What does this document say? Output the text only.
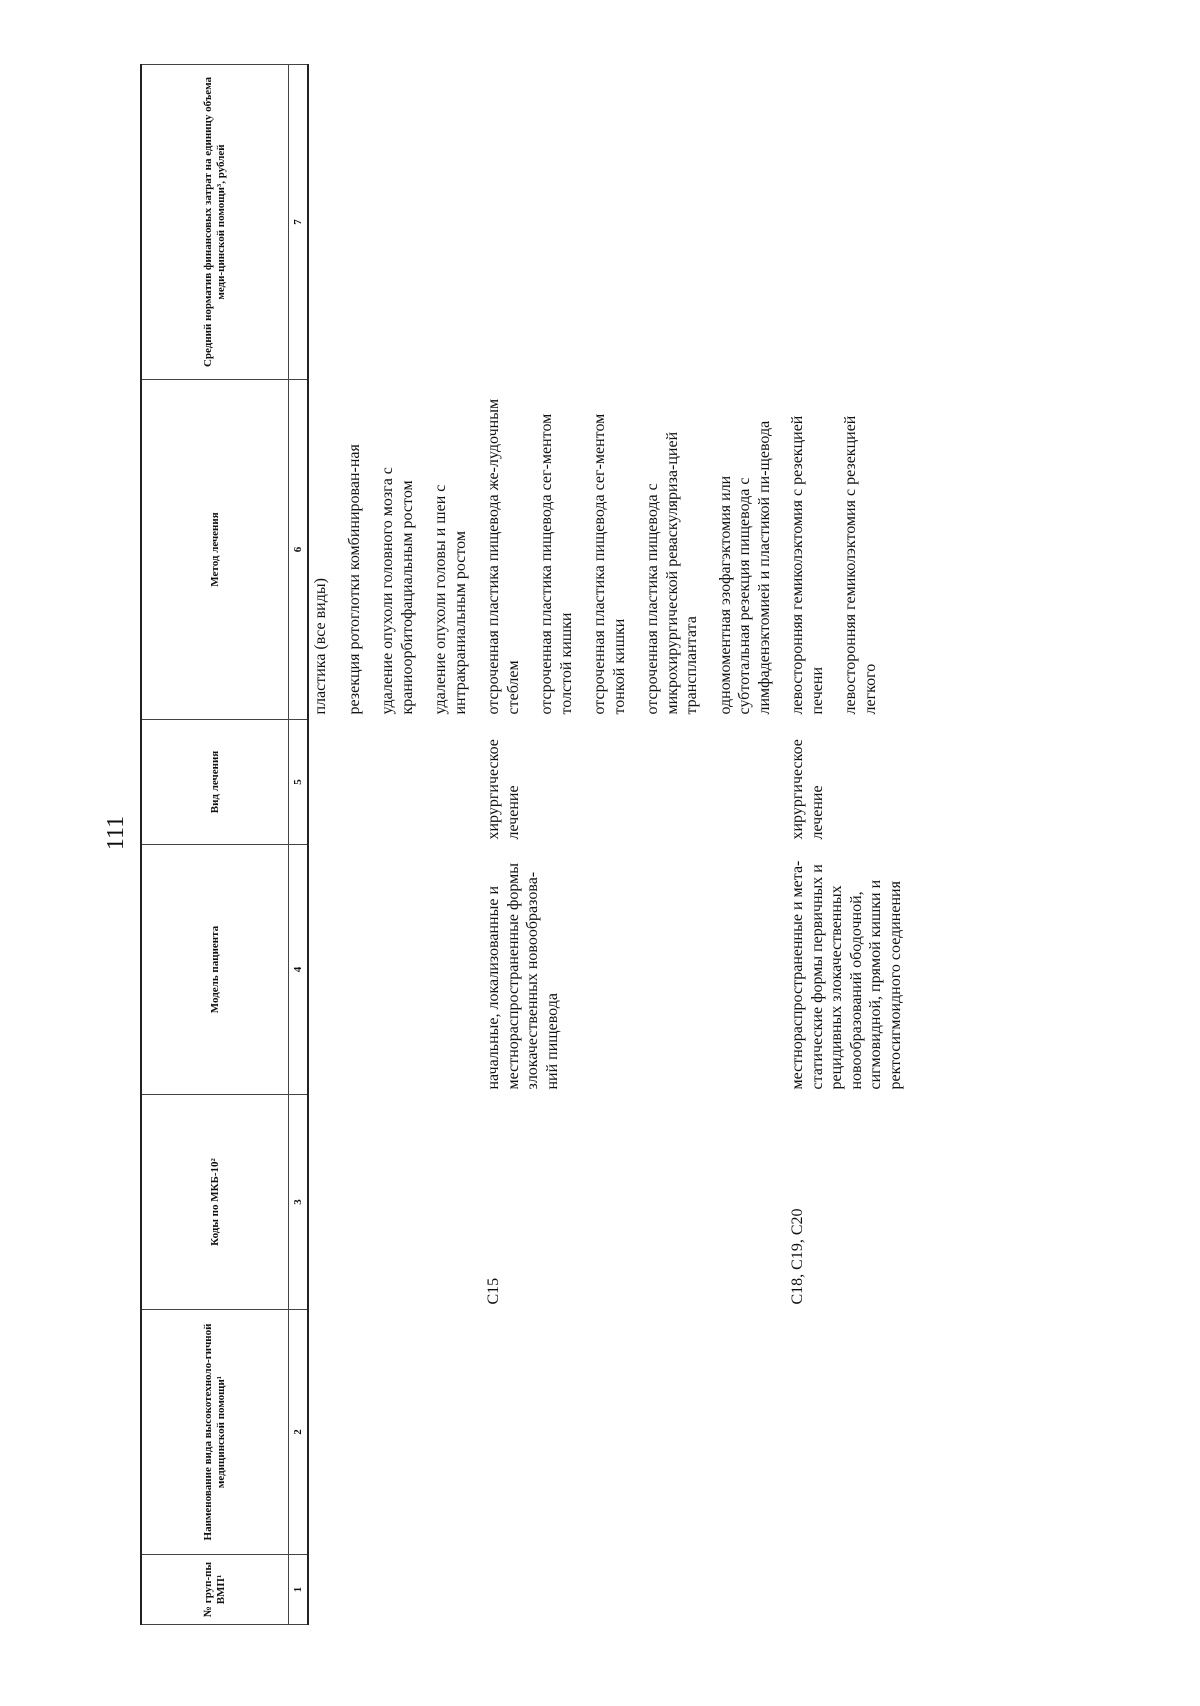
111
№ груп-пы ВМП¹	Наименование вида высокотехноло-гичной медицинской помощи¹	Коды по МКБ-10²	Модель пациента	Вид лечения	Метод лечения	Средний норматив финансовых затрат на единицу объема меди-цинской помощи³, рублей
1	2	3	4	5	6	7

					пластика (все виды) резекция ротоглотки комбинирован-ная удаление опухоли головного мозга с краниоорбитофациальным ростом удаление опухоли головы и шеи с интракраниальным ростом	

		С15	начальные, локализованные и местнораспространенные формы злокачественных новообразова-ний пищевода	хирургическое лечение	отсроченная пластика пищевода же-лудочным стеблем отсроченная пластика пищевода сег-ментом толстой кишки отсроченная пластика пищевода сег-ментом тонкой кишки отсроченная пластика пищевода с микрохирургической реваскуляриза-цией трансплантата одномоментная эзофагэктомия или субтотальная резекция пищевода с лимфаденэктомией и пластикой пи-щевода	

		С18, С19, С20	местнораспространенные и мета-статические формы первичных и рецидивных злокачественных новообразований ободочной, сигмовидной, прямой кишки и ректосигмоидного соединения	хирургическое лечение	левосторонняя гемиколэктомия с резекцией печени левосторонняя гемиколэктомия с резекцией легкого	
